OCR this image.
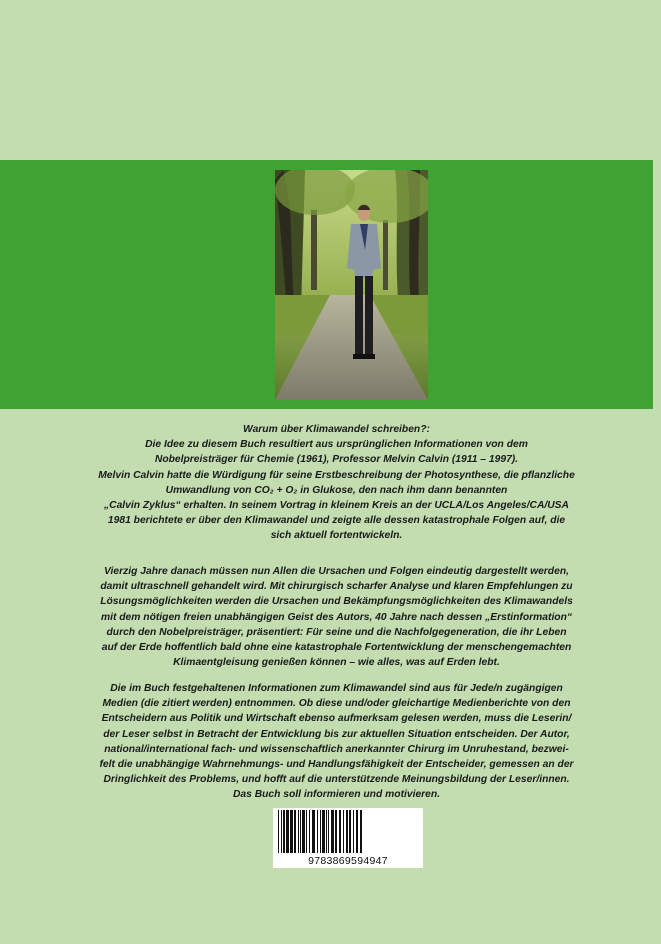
Warum über Klimawandel schreiben?:

Die Idee zu diesem Buch resultiert aus ursprünglichen Informationen von dem

Nobelpreisträger für Chemie (1961), Professor Melvin Calvin (1911 – 1997).

Melvin Calvin hatte die Würdigung für seine Erstbeschreibung der Photosynthese, die pflanzliche

Umwandlung von CO₂ + O₂ in Glukose, den nach ihm dann benannten

„Calvin Zyklus“ erhalten. In seinem Vortrag in kleinem Kreis an der UCLA/Los Angeles/CA/USA

1981 berichtete er über den Klimawandel und zeigte alle dessen katastrophale Folgen auf, die

sich aktuell fortentwickeln.

Vierzig Jahre danach müssen nun Allen die Ursachen und Folgen eindeutig dargestellt werden,

damit ultraschnell gehandelt wird. Mit chirurgisch scharfer Analyse und klaren Empfehlungen zu

Lösungsmöglichkeiten werden die Ursachen und Bekämpfungsmöglichkeiten des Klimawandels

mit dem nötigen freien unabhängigen Geist des Autors, 40 Jahre nach dessen „Erstinformation“

durch den Nobelpreisträger, präsentiert: Für seine und die Nachfolgegeneration, die ihr Leben

auf der Erde hoffentlich bald ohne eine katastrophale Fortentwicklung der menschengemachten

Klimaentgleisung genießen können – wie alles, was auf Erden lebt.

Die im Buch festgehaltenen Informationen zum Klimawandel sind aus für Jede/n zugängigen

Medien (die zitiert werden) entnommen. Ob diese und/oder gleichartige Medienberichte von den

Entscheidern aus Politik und Wirtschaft ebenso aufmerksam gelesen werden, muss die Leserin/

der Leser selbst in Betracht der Entwicklung bis zur aktuellen Situation entscheiden. Der Autor,

national/international fach- und wissenschaftlich anerkannter Chirurg im Unruhestand, bezwei-

felt die unabhängige Wahrnehmungs- und Handlungsfähigkeit der Entscheider, gemessen an der

Dringlichkeit des Problems, und hofft auf die unterstützende Meinungsbildung der Leser/innen.

Das Buch soll informieren und motivieren.

9783869594947
